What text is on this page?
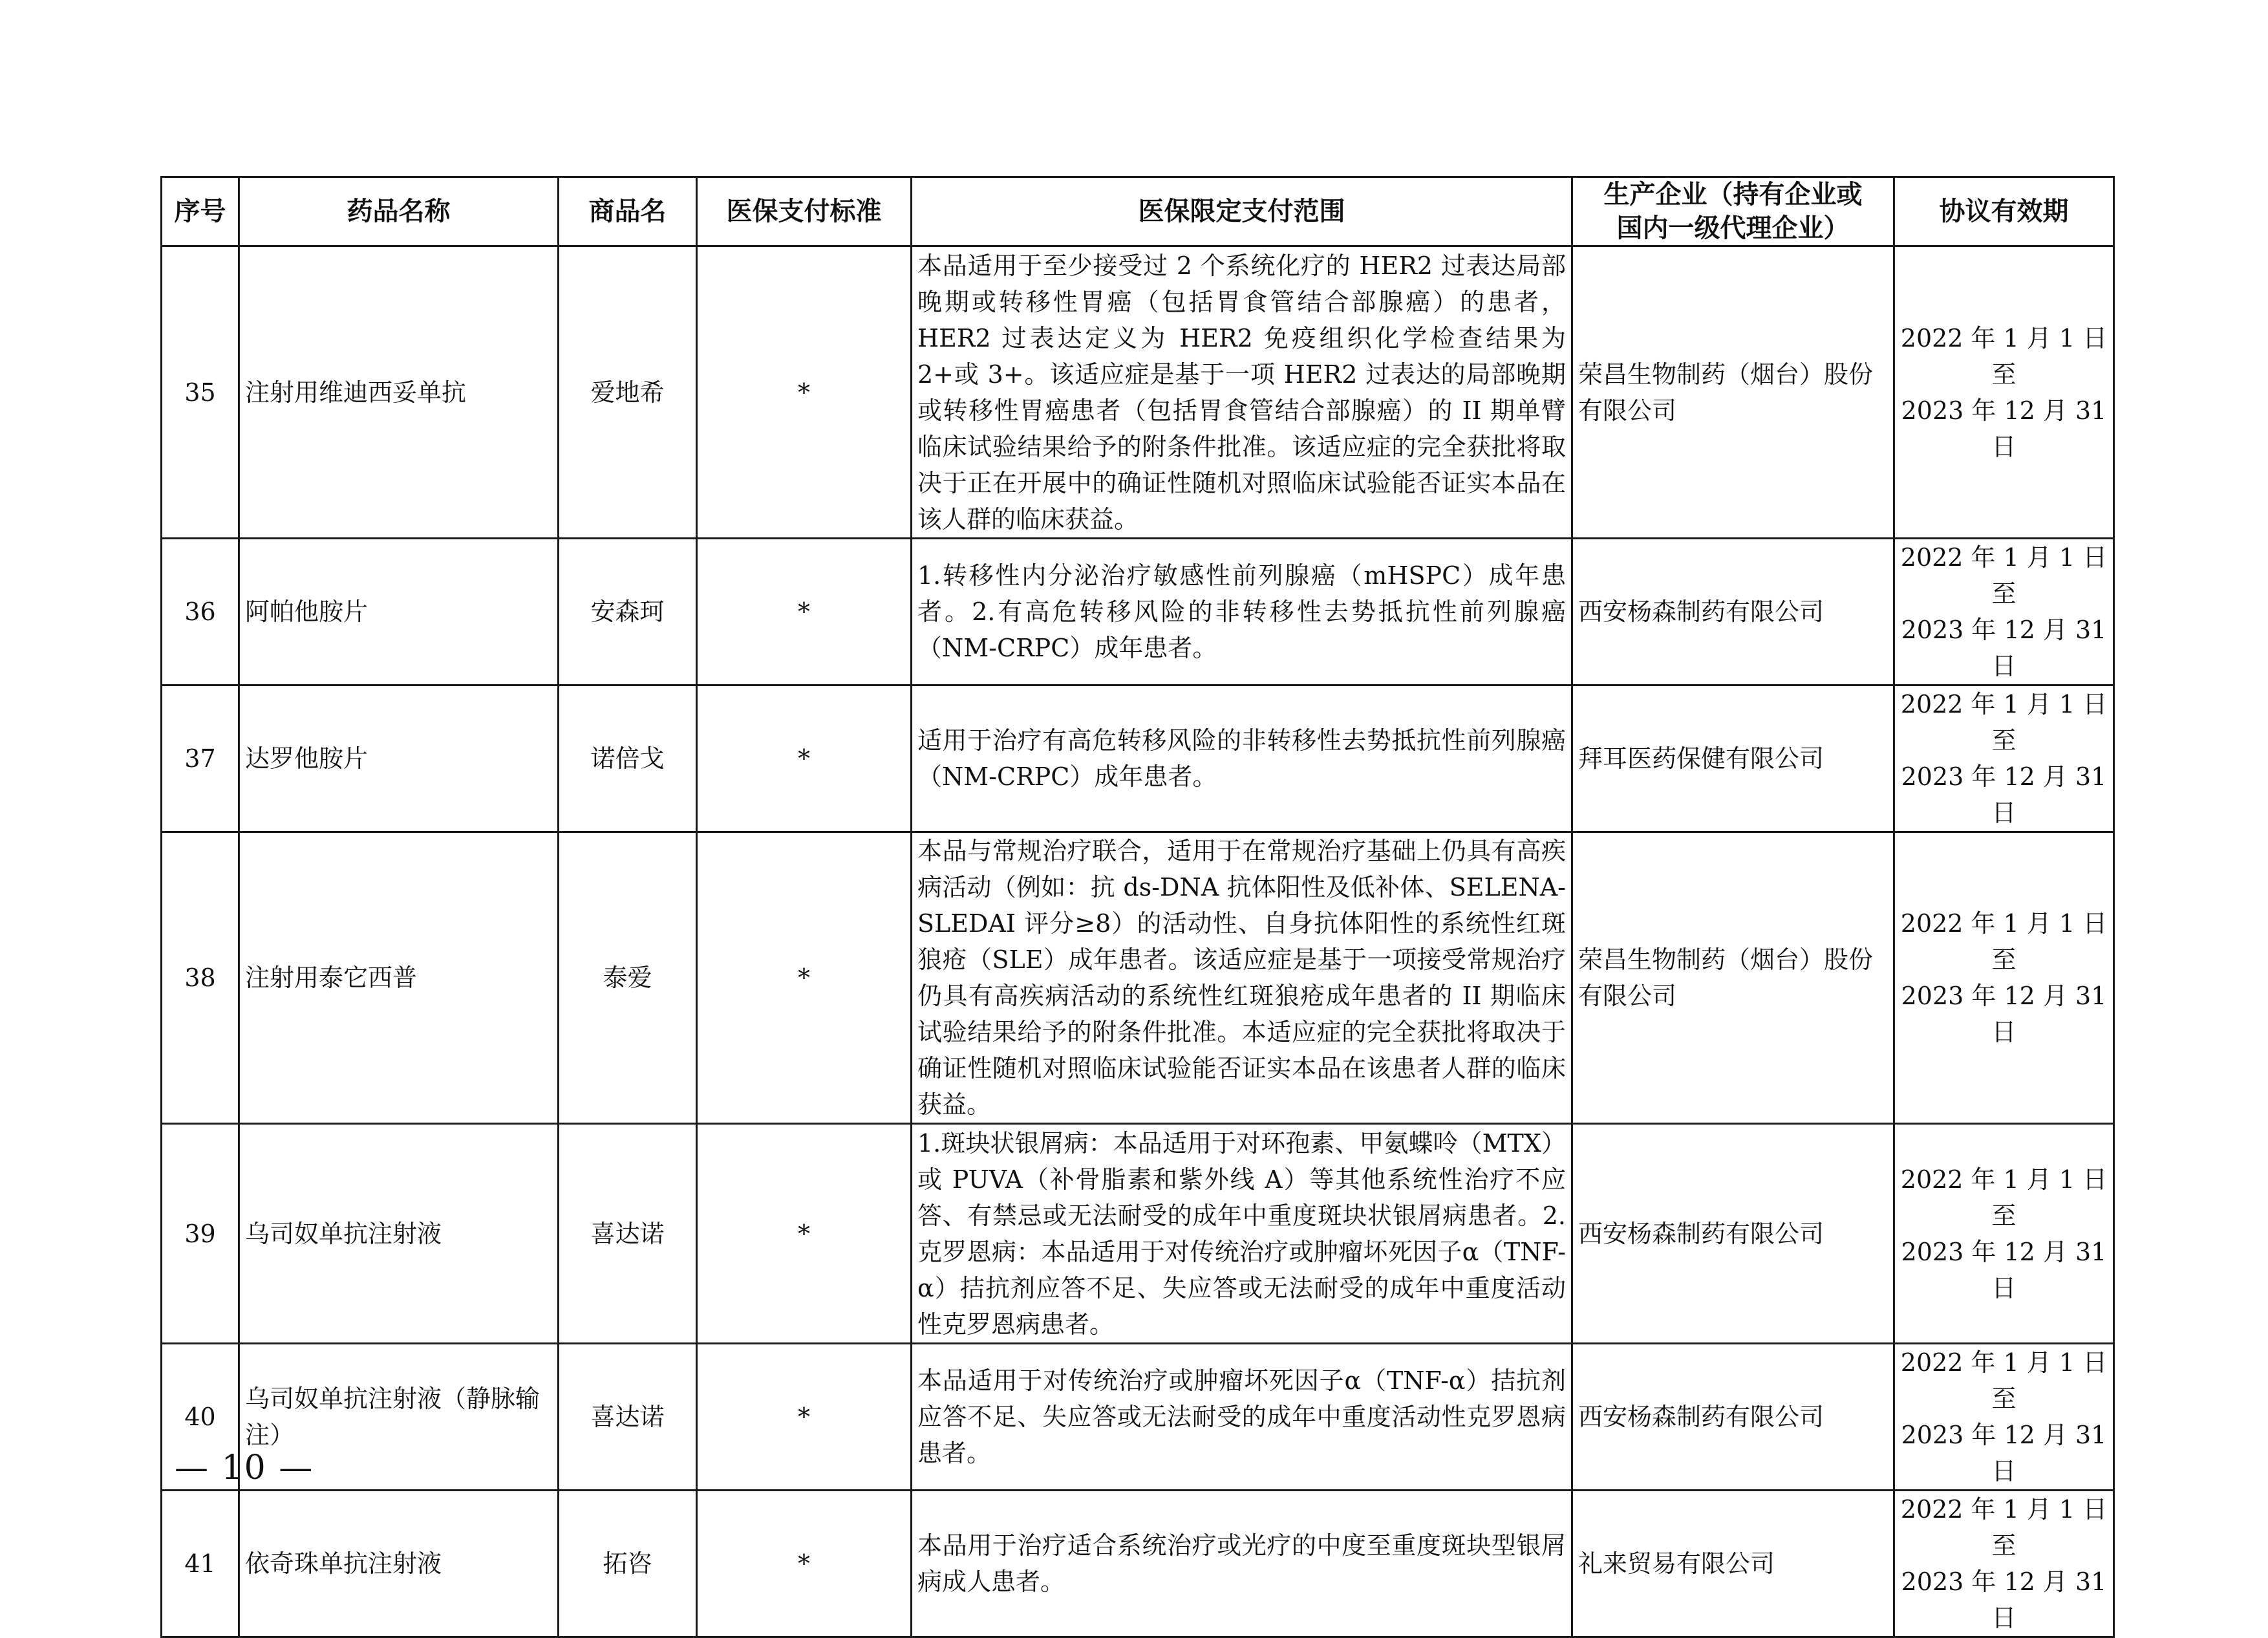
序号	药品名称	商品名	医保支付标准	医保限定支付范围	生产企业（持有企业或国内一级代理企业）	协议有效期
35	注射用维迪西妥单抗	爱地希	*	本品适用于至少接受过 2 个系统化疗的 HER2 过表达局部晚期或转移性胃癌（包括胃食管结合部腺癌）的患者，HER2 过表达定义为 HER2 免疫组织化学检查结果为 2+或 3+。该适应症是基于一项 HER2 过表达的局部晚期或转移性胃癌患者（包括胃食管结合部腺癌）的 II 期单臂临床试验结果给予的附条件批准。该适应症的完全获批将取决于正在开展中的确证性随机对照临床试验能否证实本品在该人群的临床获益。	荣昌生物制药（烟台）股份有限公司	2022 年 1 月 1 日至
2023 年 12 月 31 日

36	阿帕他胺片	安森珂	*	1.转移性内分泌治疗敏感性前列腺癌（mHSPC）成年患者。2.有高危转移风险的非转移性去势抵抗性前列腺癌（NM-CRPC）成年患者。	西安杨森制药有限公司	2022 年 1 月 1 日至
2023 年 12 月 31 日

37	达罗他胺片	诺倍戈	*	适用于治疗有高危转移风险的非转移性去势抵抗性前列腺癌（NM-CRPC）成年患者。	拜耳医药保健有限公司	2022 年 1 月 1 日至
2023 年 12 月 31 日

38	注射用泰它西普	泰爱	*	本品与常规治疗联合，适用于在常规治疗基础上仍具有高疾病活动（例如：抗 ds-DNA 抗体阳性及低补体、SELENA-SLEDAI 评分≥8）的活动性、自身抗体阳性的系统性红斑狼疮（SLE）成年患者。该适应症是基于一项接受常规治疗仍具有高疾病活动的系统性红斑狼疮成年患者的 II 期临床试验结果给予的附条件批准。本适应症的完全获批将取决于确证性随机对照临床试验能否证实本品在该患者人群的临床获益。	荣昌生物制药（烟台）股份有限公司	2022 年 1 月 1 日至
2023 年 12 月 31 日

39	乌司奴单抗注射液	喜达诺	*	1.斑块状银屑病：本品适用于对环孢素、甲氨蝶呤（MTX）或 PUVA（补骨脂素和紫外线 A）等其他系统性治疗不应答、有禁忌或无法耐受的成年中重度斑块状银屑病患者。2.克罗恩病：本品适用于对传统治疗或肿瘤坏死因子α（TNF-α）拮抗剂应答不足、失应答或无法耐受的成年中重度活动性克罗恩病患者。	西安杨森制药有限公司	2022 年 1 月 1 日至
2023 年 12 月 31 日

40	乌司奴单抗注射液（静脉输注）	喜达诺	*	本品适用于对传统治疗或肿瘤坏死因子α（TNF-α）拮抗剂应答不足、失应答或无法耐受的成年中重度活动性克罗恩病患者。	西安杨森制药有限公司	2022 年 1 月 1 日至
2023 年 12 月 31 日

41	依奇珠单抗注射液	拓咨	*	本品用于治疗适合系统治疗或光疗的中度至重度斑块型银屑病成人患者。	礼来贸易有限公司	2022 年 1 月 1 日至
2023 年 12 月 31 日
— 10 —
